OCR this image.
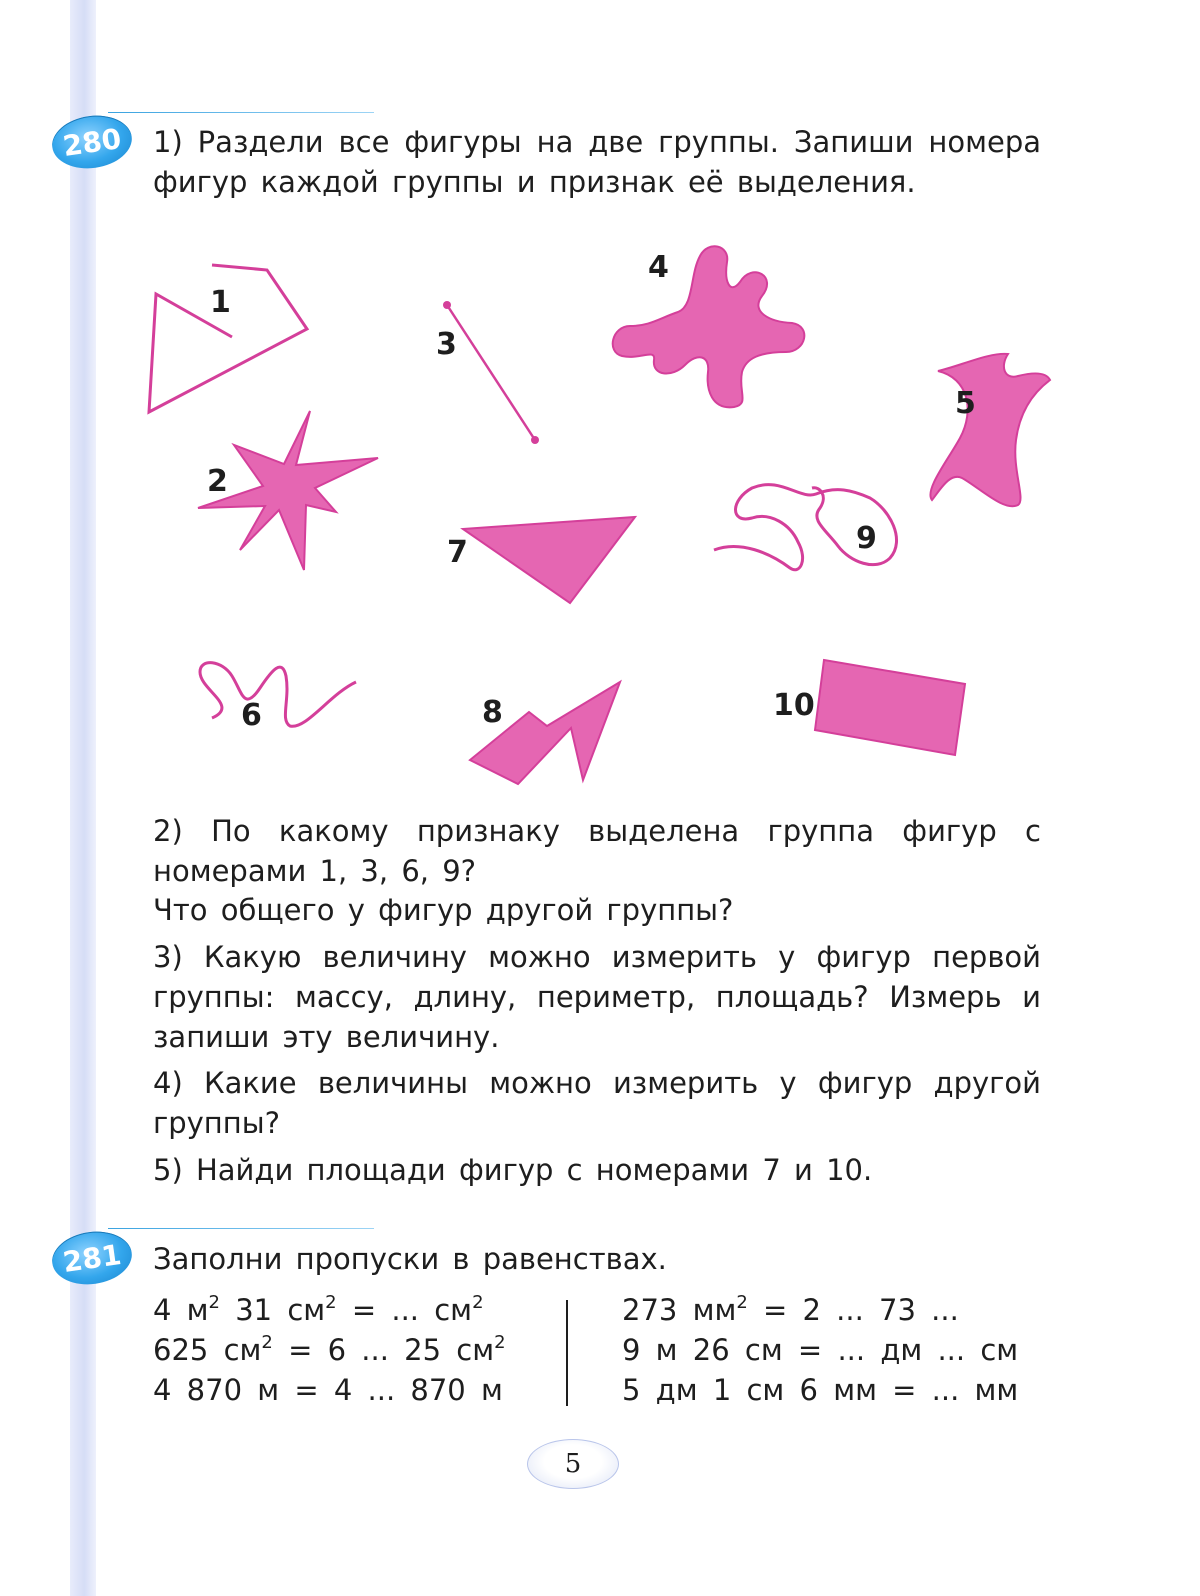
280	1) Раздели все фигуры на две группы. Запиши номера фигур каждой группы и признак её выделения.
1
2
3
4
5
6
7
8
9
10
2) По какому признаку выделена группа фигур с номерами 1, 3, 6, 9?
Что общего у фигур другой группы?
3) Какую величину можно измерить у фигур первой группы: массу, длину, периметр, площадь? Измерь и запиши эту величину.
4) Какие величины можно измерить у фигур другой группы?
5) Найди площади фигур с номерами 7 и 10.
281	Заполни пропуски в равенствах.
4 $м^2$ 31 $см^2$ = ... $см^2$
625 $см^2 = 6$ ... 25 $см^2$
4 870 м = 4 ... 870 м
273 $мм^2 = 2$ ... 73 ...
9 м 26 см = ... дм ... см
5 дм 1 см 6 мм = ... мм
5
